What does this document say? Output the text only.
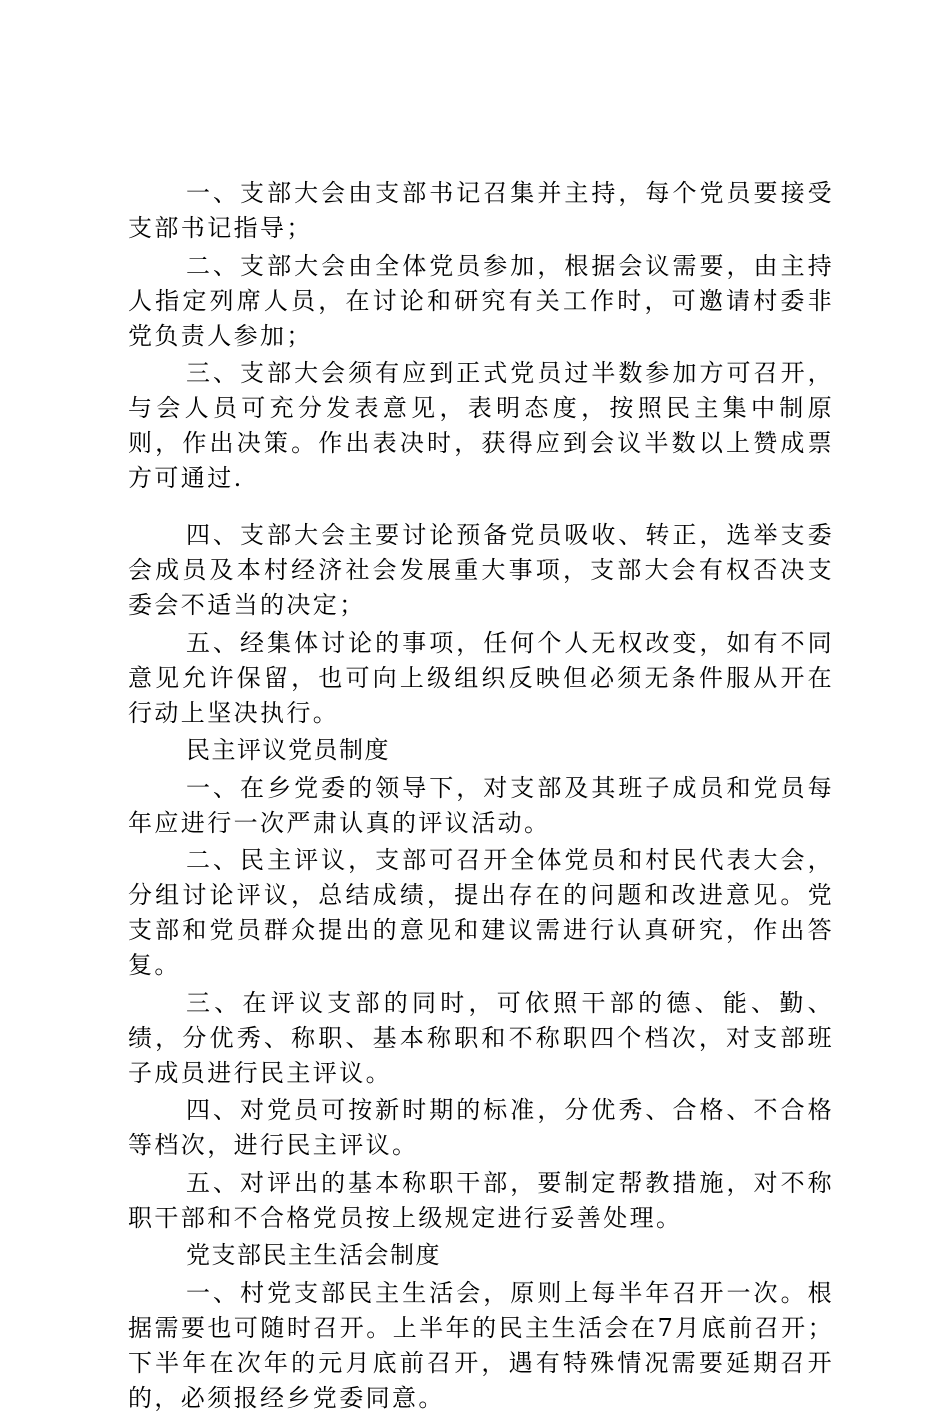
一、支部大会由支部书记召集并主持，每个党员要接受支部书记指导；

二、支部大会由全体党员参加，根据会议需要，由主持人指定列席人员，在讨论和研究有关工作时，可邀请村委非党负责人参加；

三、支部大会须有应到正式党员过半数参加方可召开，与会人员可充分发表意见，表明态度，按照民主集中制原则，作出决策。作出表决时，获得应到会议半数以上赞成票方可通过.

四、支部大会主要讨论预备党员吸收、转正，选举支委会成员及本村经济社会发展重大事项，支部大会有权否决支委会不适当的决定；

五、经集体讨论的事项，任何个人无权改变，如有不同意见允许保留，也可向上级组织反映但必须无条件服从开在行动上坚决执行。

民主评议党员制度

一、在乡党委的领导下，对支部及其班子成员和党员每年应进行一次严肃认真的评议活动。

二、民主评议，支部可召开全体党员和村民代表大会，分组讨论评议，总结成绩，提出存在的问题和改进意见。党支部和党员群众提出的意见和建议需进行认真研究，作出答复。

三、在评议支部的同时，可依照干部的德、能、勤、绩，分优秀、称职、基本称职和不称职四个档次，对支部班子成员进行民主评议。

四、对党员可按新时期的标准，分优秀、合格、不合格等档次，进行民主评议。

五、对评出的基本称职干部，要制定帮教措施，对不称职干部和不合格党员按上级规定进行妥善处理。

党支部民主生活会制度

一、村党支部民主生活会，原则上每半年召开一次。根据需要也可随时召开。上半年的民主生活会在7月底前召开；下半年在次年的元月底前召开，遇有特殊情况需要延期召开的，必须报经乡党委同意。
